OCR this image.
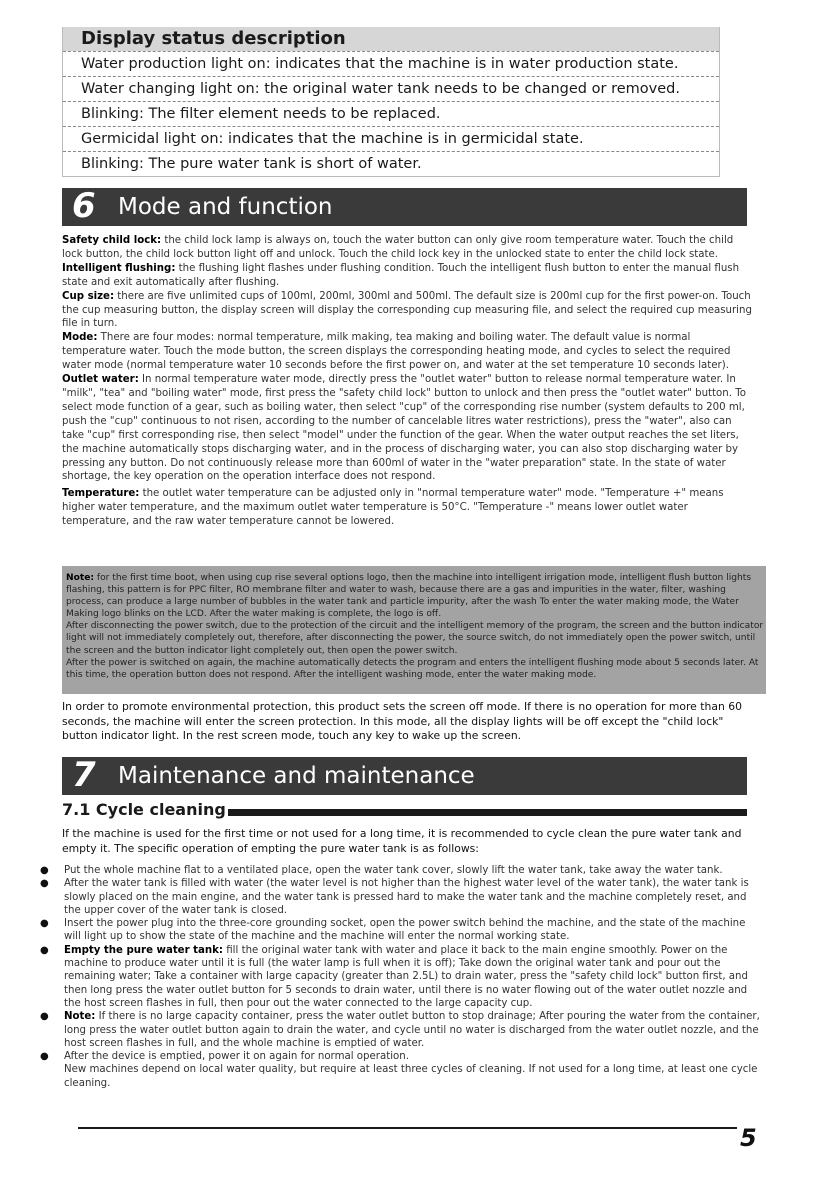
Display status description
Water production light on: indicates that the machine is in water production state.
Water changing light on: the original water tank needs to be changed or removed.
Blinking: The filter element needs to be replaced.
Germicidal light on: indicates that the machine is in germicidal state.
Blinking: The pure water tank is short of water.
6 Mode and function

Safety child lock: the child lock lamp is always on, touch the water button can only give room temperature water. Touch the child lock button, the child lock button light off and unlock. Touch the child lock key in the unlocked state to enter the child lock state.

Intelligent flushing: the flushing light flashes under flushing condition. Touch the intelligent flush button to enter the manual flush state and exit automatically after flushing.

Cup size: there are five unlimited cups of 100ml, 200ml, 300ml and 500ml. The default size is 200ml cup for the first power-on. Touch the cup measuring button, the display screen will display the corresponding cup measuring file, and select the required cup measuring file in turn.

Mode: There are four modes: normal temperature, milk making, tea making and boiling water. The default value is normal temperature water. Touch the mode button, the screen displays the corresponding heating mode, and cycles to select the required water mode (normal temperature water 10 seconds before the first power on, and water at the set temperature 10 seconds later).

Outlet water: In normal temperature water mode, directly press the "outlet water" button to release normal temperature water. In "milk", "tea" and "boiling water" mode, first press the "safety child lock" button to unlock and then press the "outlet water" button. To select mode function of a gear, such as boiling water, then select "cup" of the corresponding rise number (system defaults to 200 ml, push the "cup" continuous to not risen, according to the number of cancelable litres water restrictions), press the "water", also can take "cup" first corresponding rise, then select "model" under the function of the gear. When the water output reaches the set liters, the machine automatically stops discharging water, and in the process of discharging water, you can also stop discharging water by pressing any button. Do not continuously release more than 600ml of water in the "water preparation" state. In the state of water shortage, the key operation on the operation interface does not respond.

Temperature: the outlet water temperature can be adjusted only in "normal temperature water" mode. "Temperature +" means higher water temperature, and the maximum outlet water temperature is 50°C. "Temperature -" means lower outlet water temperature, and the raw water temperature cannot be lowered.

Note: for the first time boot, when using cup rise several options logo, then the machine into intelligent irrigation mode, intelligent flush button lights flashing, this pattern is for PPC filter, RO membrane filter and water to wash, because there are a gas and impurities in the water, filter, washing process, can produce a large number of bubbles in the water tank and particle impurity, after the wash To enter the water making mode, the Water Making logo blinks on the LCD. After the water making is complete, the logo is off.
After disconnecting the power switch, due to the protection of the circuit and the intelligent memory of the program, the screen and the button indicator light will not immediately completely out, therefore, after disconnecting the power, the source switch, do not immediately open the power switch, until the screen and the button indicator light completely out, then open the power switch.
After the power is switched on again, the machine automatically detects the program and enters the intelligent flushing mode about 5 seconds later. At this time, the operation button does not respond. After the intelligent washing mode, enter the water making mode.
In order to promote environmental protection, this product sets the screen off mode. If there is no operation for more than 60 seconds, the machine will enter the screen protection. In this mode, all the display lights will be off except the "child lock" button indicator light. In the rest screen mode, touch any key to wake up the screen.
7 Maintenance and maintenance
7.1 Cycle cleaning
If the machine is used for the first time or not used for a long time, it is recommended to cycle clean the pure water tank and empty it. The specific operation of empting the pure water tank is as follows:
● Put the whole machine flat to a ventilated place, open the water tank cover, slowly lift the water tank, take away the water tank.
● After the water tank is filled with water (the water level is not higher than the highest water level of the water tank), the water tank is slowly placed on the main engine, and the water tank is pressed hard to make the water tank and the machine completely reset, and the upper cover of the water tank is closed.
● Insert the power plug into the three-core grounding socket, open the power switch behind the machine, and the state of the machine will light up to show the state of the machine and the machine will enter the normal working state.
● Empty the pure water tank: fill the original water tank with water and place it back to the main engine smoothly. Power on the machine to produce water until it is full (the water lamp is full when it is off); Take down the original water tank and pour out the remaining water; Take a container with large capacity (greater than 2.5L) to drain water, press the "safety child lock" button first, and then long press the water outlet button for 5 seconds to drain water, until there is no water flowing out of the water outlet nozzle and the host screen flashes in full, then pour out the water connected to the large capacity cup.
● Note: If there is no large capacity container, press the water outlet button to stop drainage; After pouring the water from the container, long press the water outlet button again to drain the water, and cycle until no water is discharged from the water outlet nozzle, and the host screen flashes in full, and the whole machine is emptied of water.
● After the device is emptied, power it on again for normal operation.
New machines depend on local water quality, but require at least three cycles of cleaning. If not used for a long time, at least one cycle cleaning.
5
